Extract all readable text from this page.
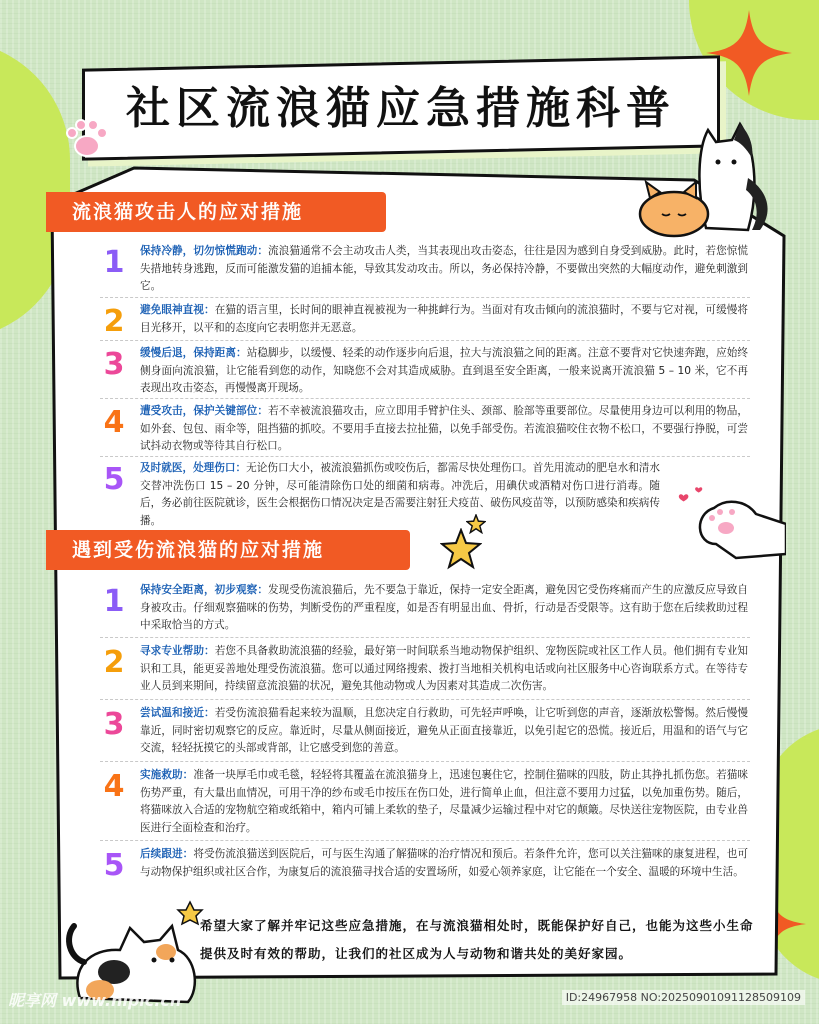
社区流浪猫应急措施科普
流浪猫攻击人的应对措施
1	保持冷静，切勿惊慌跑动：流浪猫通常不会主动攻击人类，当其表现出攻击姿态，往往是因为感到自身受到威胁。此时，若您惊慌失措地转身逃跑，反而可能激发猫的追捕本能，导致其发动攻击。所以，务必保持冷静，不要做出突然的大幅度动作，避免刺激到它。
2	避免眼神直视：在猫的语言里，长时间的眼神直视被视为一种挑衅行为。当面对有攻击倾向的流浪猫时，不要与它对视，可缓慢将目光移开，以平和的态度向它表明您并无恶意。
3	缓慢后退，保持距离：站稳脚步，以缓慢、轻柔的动作逐步向后退，拉大与流浪猫之间的距离。注意不要背对它快速奔跑，应始终侧身面向流浪猫，让它能看到您的动作，知晓您不会对其造成威胁。直到退至安全距离，一般来说离开流浪猫 5 – 10 米，它不再表现出攻击姿态，再慢慢离开现场。
4	遭受攻击，保护关键部位：若不幸被流浪猫攻击，应立即用手臂护住头、颈部、脸部等重要部位。尽量使用身边可以利用的物品，如外套、包包、雨伞等，阻挡猫的抓咬。不要用手直接去拉扯猫，以免手部受伤。若流浪猫咬住衣物不松口，不要强行挣脱，可尝试抖动衣物或等待其自行松口。
5	及时就医，处理伤口：无论伤口大小，被流浪猫抓伤或咬伤后，都需尽快处理伤口。首先用流动的肥皂水和清水交替冲洗伤口 15 – 20 分钟，尽可能清除伤口处的细菌和病毒。冲洗后，用碘伏或酒精对伤口进行消毒。随后，务必前往医院就诊，医生会根据伤口情况决定是否需要注射狂犬疫苗、破伤风疫苗等，以预防感染和疾病传播。
遇到受伤流浪猫的应对措施
1	保持安全距离，初步观察：发现受伤流浪猫后，先不要急于靠近，保持一定安全距离，避免因它受伤疼痛而产生的应激反应导致自身被攻击。仔细观察猫咪的伤势，判断受伤的严重程度，如是否有明显出血、骨折，行动是否受限等。这有助于您在后续救助过程中采取恰当的方式。
2	寻求专业帮助：若您不具备救助流浪猫的经验，最好第一时间联系当地动物保护组织、宠物医院或社区工作人员。他们拥有专业知识和工具，能更妥善地处理受伤流浪猫。您可以通过网络搜索、拨打当地相关机构电话或向社区服务中心咨询联系方式。在等待专业人员到来期间，持续留意流浪猫的状况，避免其他动物或人为因素对其造成二次伤害。
3	尝试温和接近：若受伤流浪猫看起来较为温顺，且您决定自行救助，可先轻声呼唤，让它听到您的声音，逐渐放松警惕。然后慢慢靠近，同时密切观察它的反应。靠近时，尽量从侧面接近，避免从正面直接靠近，以免引起它的恐慌。接近后，用温和的语气与它交流，轻轻抚摸它的头部或背部，让它感受到您的善意。
4	实施救助：准备一块厚毛巾或毛毯，轻轻将其覆盖在流浪猫身上，迅速包裹住它，控制住猫咪的四肢，防止其挣扎抓伤您。若猫咪伤势严重，有大量出血情况，可用干净的纱布或毛巾按压在伤口处，进行简单止血，但注意不要用力过猛，以免加重伤势。随后，将猫咪放入合适的宠物航空箱或纸箱中，箱内可铺上柔软的垫子，尽量减少运输过程中对它的颠簸。尽快送往宠物医院，由专业兽医进行全面检查和治疗。
5	后续跟进：将受伤流浪猫送到医院后，可与医生沟通了解猫咪的治疗情况和预后。若条件允许，您可以关注猫咪的康复进程，也可与动物保护组织或社区合作，为康复后的流浪猫寻找合适的安置场所，如爱心领养家庭，让它能在一个安全、温暖的环境中生活。
希望大家了解并牢记这些应急措施，在与流浪猫相处时，既能保护好自己，也能为这些小生命提供及时有效的帮助，让我们的社区成为人与动物和谐共处的美好家园。
昵享网 www.nipic.cn	ID:24967958 NO:20250901091128509109
